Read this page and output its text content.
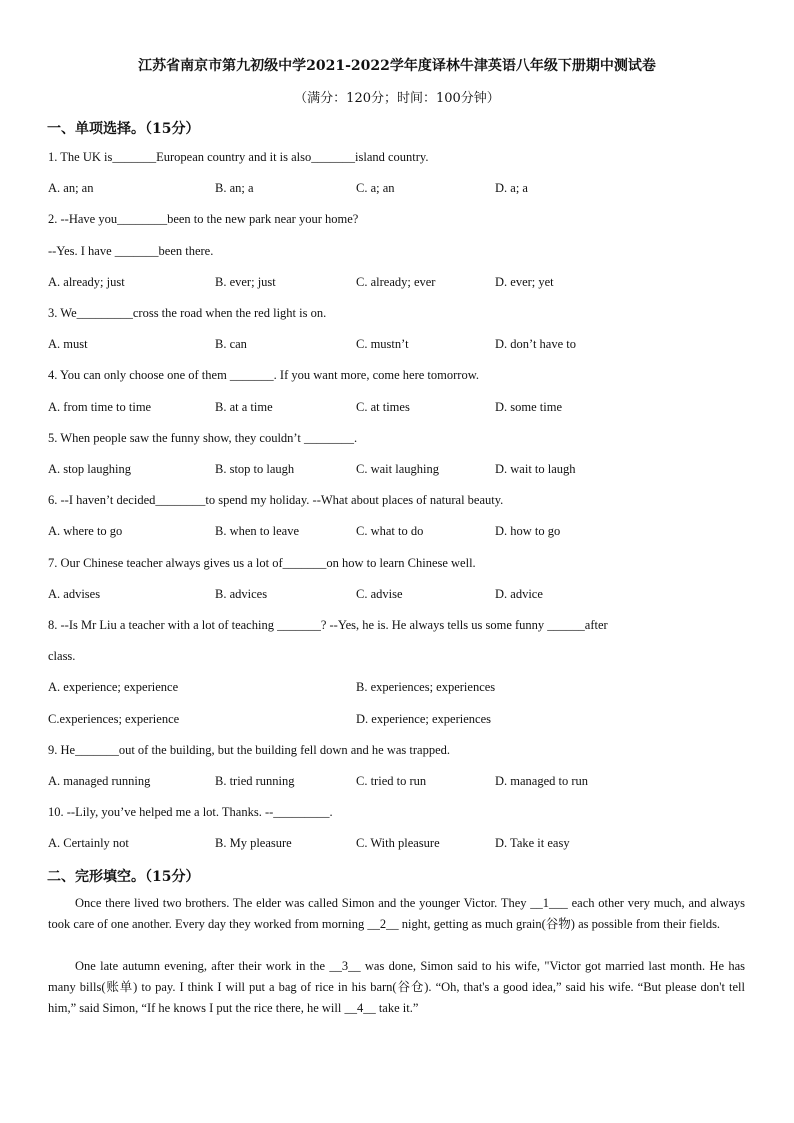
江苏省南京市第九初级中学2021-2022学年度译林牛津英语八年级下册期中测试卷
（满分：120分；时间：100分钟）
一、单项选择。（15分）
1. The UK is_______European country and it is also_______island country.
A. an; an	B. an; a	C. a; an	D. a; a
2. --Have you________been to the new park near your home?
--Yes. I have _______been there.
A. already; just	B. ever; just	C. already; ever	D. ever; yet
3. We_________cross the road when the red light is on.
A. must	B. can	C. mustn’t	D. don’t have to
4. You can only choose one of them _______. If you want more, come here tomorrow.
A. from time to time	B. at a time	C. at times	D. some time
5. When people saw the funny show, they couldn’t ________.
A. stop laughing	B. stop to laugh	C. wait laughing	D. wait to laugh
6. --I haven’t decided________to spend my holiday. --What about places of natural beauty.
A. where to go	B. when to leave	C. what to do	D. how to go
7. Our Chinese teacher always gives us a lot of_______on how to learn Chinese well.
A. advises	B. advices	C. advise	D. advice
8. --Is Mr Liu a teacher with a lot of teaching _______? --Yes, he is. He always tells us some funny ______after
class.
A. experience; experience	B. experiences; experiences
C.experiences; experience	D. experience; experiences
9. He_______out of the building, but the building fell down and he was trapped.
A. managed running	B. tried running	C. tried to run	D. managed to run
10. --Lily, you’ve helped me a lot. Thanks. --_________.
A. Certainly not	B. My pleasure	C. With pleasure	D. Take it easy
二、完形填空。（15分）
Once there lived two brothers. The elder was called Simon and the younger Victor. They __1___ each other very much, and always took care of one another. Every day they worked from morning __2__ night, getting as much grain(谷物) as possible from their fields.
One late autumn evening, after their work in the __3__ was done, Simon said to his wife, "Victor got married last month. He has many bills(账单) to pay. I think I will put a bag of rice in his barn(谷仓). “Oh, that's a good idea,” said his wife. “But please don't tell him,” said Simon, “If he knows I put the rice there, he will __4__ take it.”
